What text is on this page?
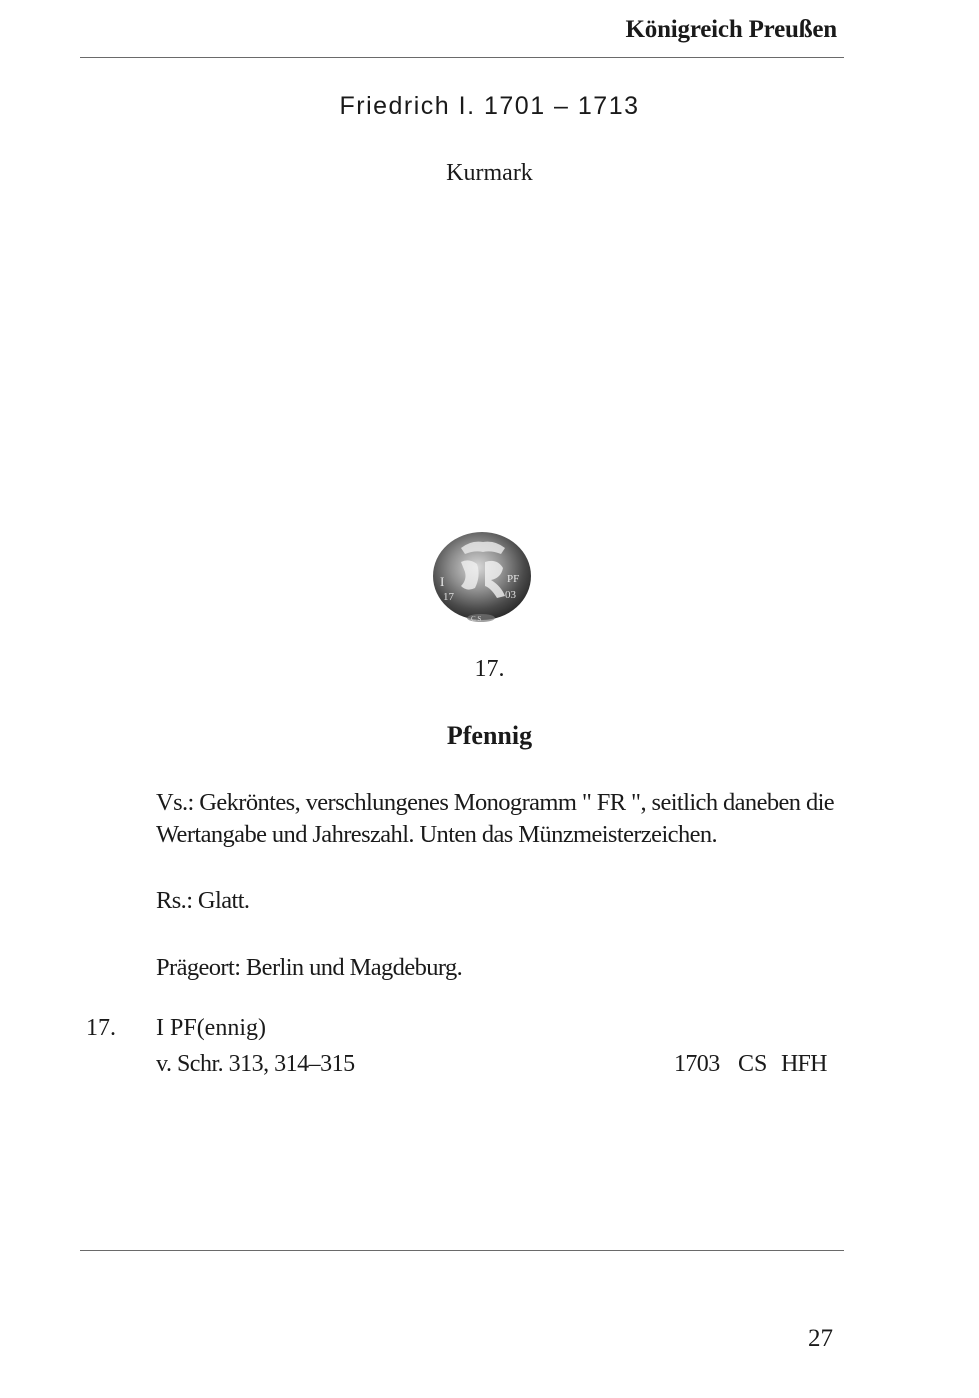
Königreich Preußen
Friedrich I. 1701 – 1713
Kurmark
I
17
PF
03
C S
17.
Pfennig
Vs.: Gekröntes, verschlungenes Monogramm " FR ", seitlich daneben die Wertangabe und Jahreszahl. Unten das Münzmeisterzeichen.
Rs.: Glatt.
Prägeort: Berlin und Magdeburg.
17. I PF(ennig)
v. Schr. 313, 314–315	1703 CS HFH
27
